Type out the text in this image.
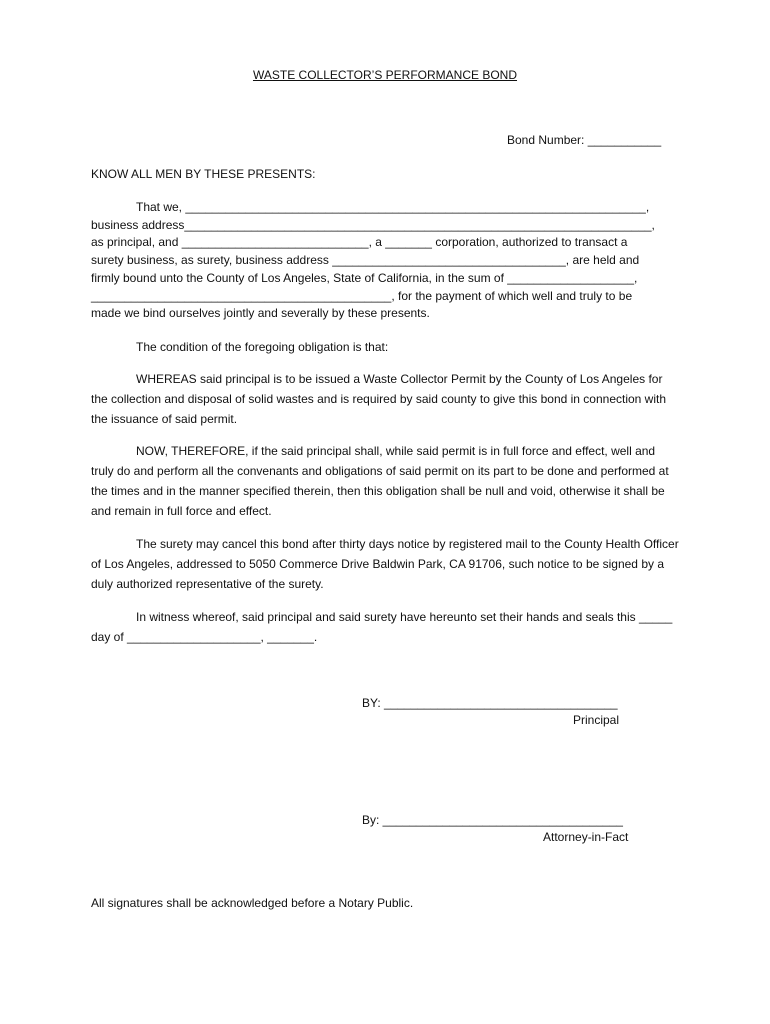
WASTE COLLECTOR’S PERFORMANCE BOND
Bond Number: ___________
KNOW ALL MEN BY THESE PRESENTS:
That we, _____________________________________________________________________,
business address______________________________________________________________________,
as principal, and ____________________________, a _______ corporation, authorized to transact a
surety business, as surety, business address ___________________________________, are held and
firmly bound unto the County of Los Angeles, State of California, in the sum of ___________________,
_____________________________________________, for the payment of which well and truly to be
made we bind ourselves jointly and severally by these presents.
The condition of the foregoing obligation is that:
WHEREAS said principal is to be issued a Waste Collector Permit by the County of Los Angeles for the collection and disposal of solid wastes and is required by said county to give this bond in connection with the issuance of said permit.
NOW, THEREFORE, if the said principal shall, while said permit is in full force and effect, well and truly do and perform all the convenants and obligations of said permit on its part to be done and performed at the times and in the manner specified therein, then this obligation shall be null and void, otherwise it shall be and remain in full force and effect.
The surety may cancel this bond after thirty days notice by registered mail to the County Health Officer of Los Angeles, addressed to 5050 Commerce Drive Baldwin Park, CA 91706, such notice to be signed by a duly authorized representative of the surety.
In witness whereof, said principal and said surety have hereunto set their hands and seals this _____ day of ____________________, _______.
BY: ___________________________________
Principal
By: ____________________________________
Attorney-in-Fact
All signatures shall be acknowledged before a Notary Public.
